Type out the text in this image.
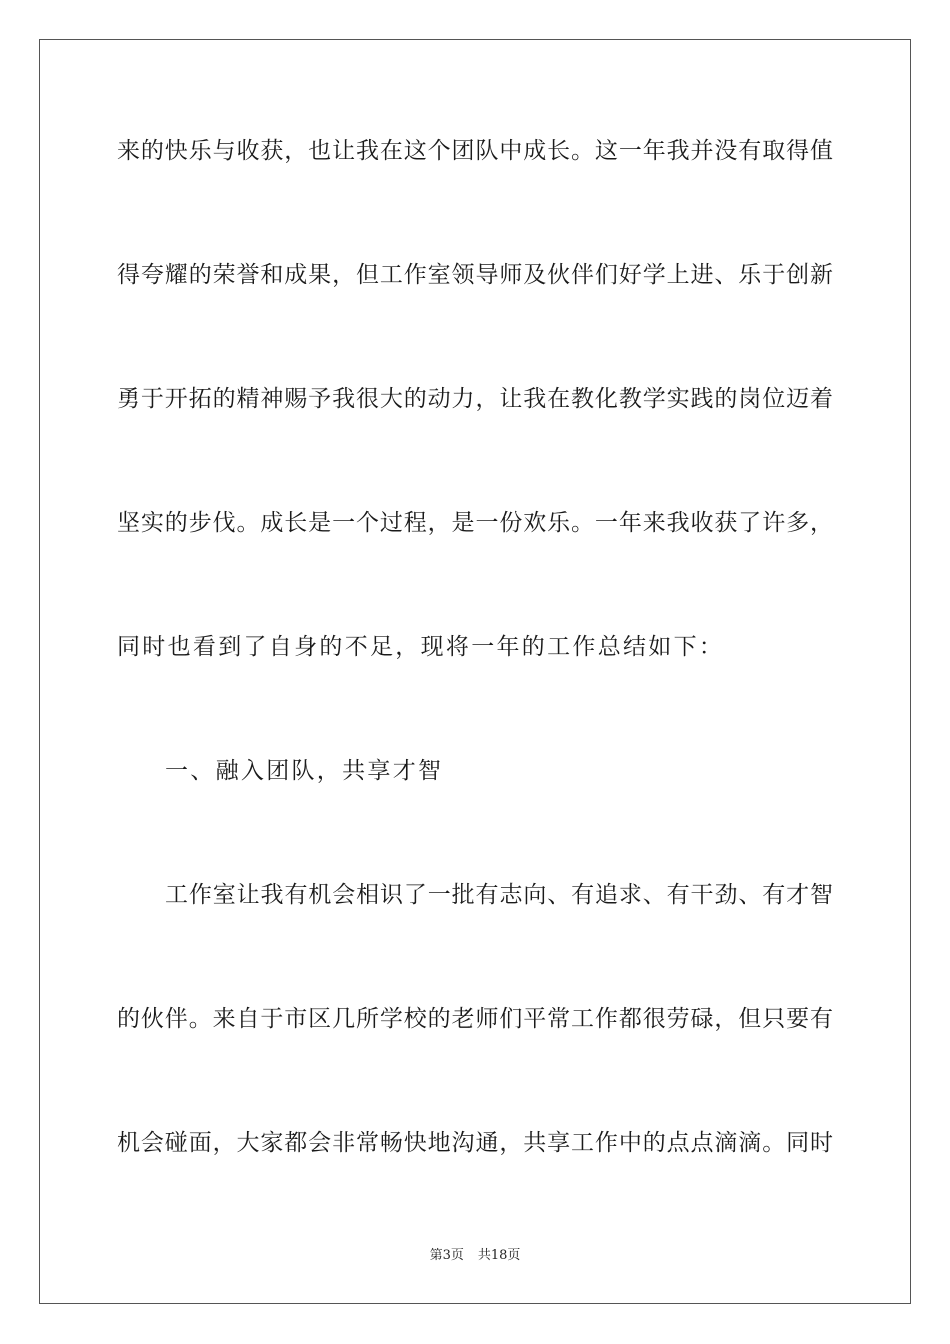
来的快乐与收获，也让我在这个团队中成长。这一年我并没有取得值
得夸耀的荣誉和成果，但工作室领导师及伙伴们好学上进、乐于创新
勇于开拓的精神赐予我很大的动力，让我在教化教学实践的岗位迈着
坚实的步伐。成长是一个过程，是一份欢乐。一年来我收获了许多，
同时也看到了自身的不足，现将一年的工作总结如下：
一、融入团队，共享才智
工作室让我有机会相识了一批有志向、有追求、有干劲、有才智
的伙伴。来自于市区几所学校的老师们平常工作都很劳碌，但只要有
机会碰面，大家都会非常畅快地沟通，共享工作中的点点滴滴。同时
第3页 共18页
